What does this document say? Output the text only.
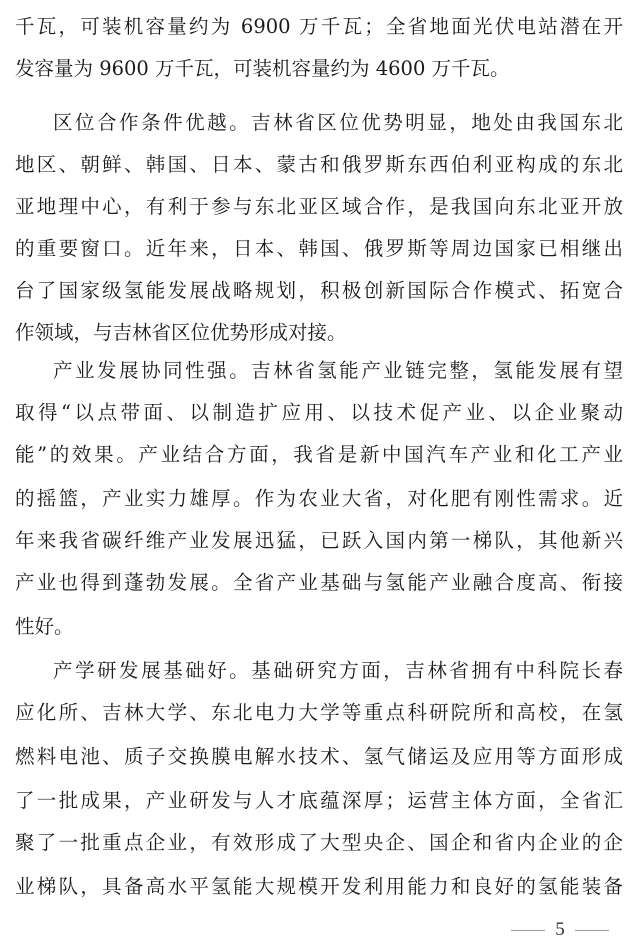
千瓦，可装机容量约为 6900 万千瓦；全省地面光伏电站潜在开
发容量为 9600 万千瓦，可装机容量约为 4600 万千瓦。
区位合作条件优越。吉林省区位优势明显，地处由我国东北
地区、朝鲜、韩国、日本、蒙古和俄罗斯东西伯利亚构成的东北
亚地理中心，有利于参与东北亚区域合作，是我国向东北亚开放
的重要窗口。近年来，日本、韩国、俄罗斯等周边国家已相继出
台了国家级氢能发展战略规划，积极创新国际合作模式、拓宽合
作领域，与吉林省区位优势形成对接。
产业发展协同性强。吉林省氢能产业链完整，氢能发展有望
取得“以点带面、以制造扩应用、以技术促产业、以企业聚动
能”的效果。产业结合方面，我省是新中国汽车产业和化工产业
的摇篮，产业实力雄厚。作为农业大省，对化肥有刚性需求。近
年来我省碳纤维产业发展迅猛，已跃入国内第一梯队，其他新兴
产业也得到蓬勃发展。全省产业基础与氢能产业融合度高、衔接
性好。
产学研发展基础好。基础研究方面，吉林省拥有中科院长春
应化所、吉林大学、东北电力大学等重点科研院所和高校，在氢
燃料电池、质子交换膜电解水技术、氢气储运及应用等方面形成
了一批成果，产业研发与人才底蕴深厚；运营主体方面，全省汇
聚了一批重点企业，有效形成了大型央企、国企和省内企业的企
业梯队，具备高水平氢能大规模开发利用能力和良好的氢能装备
5
